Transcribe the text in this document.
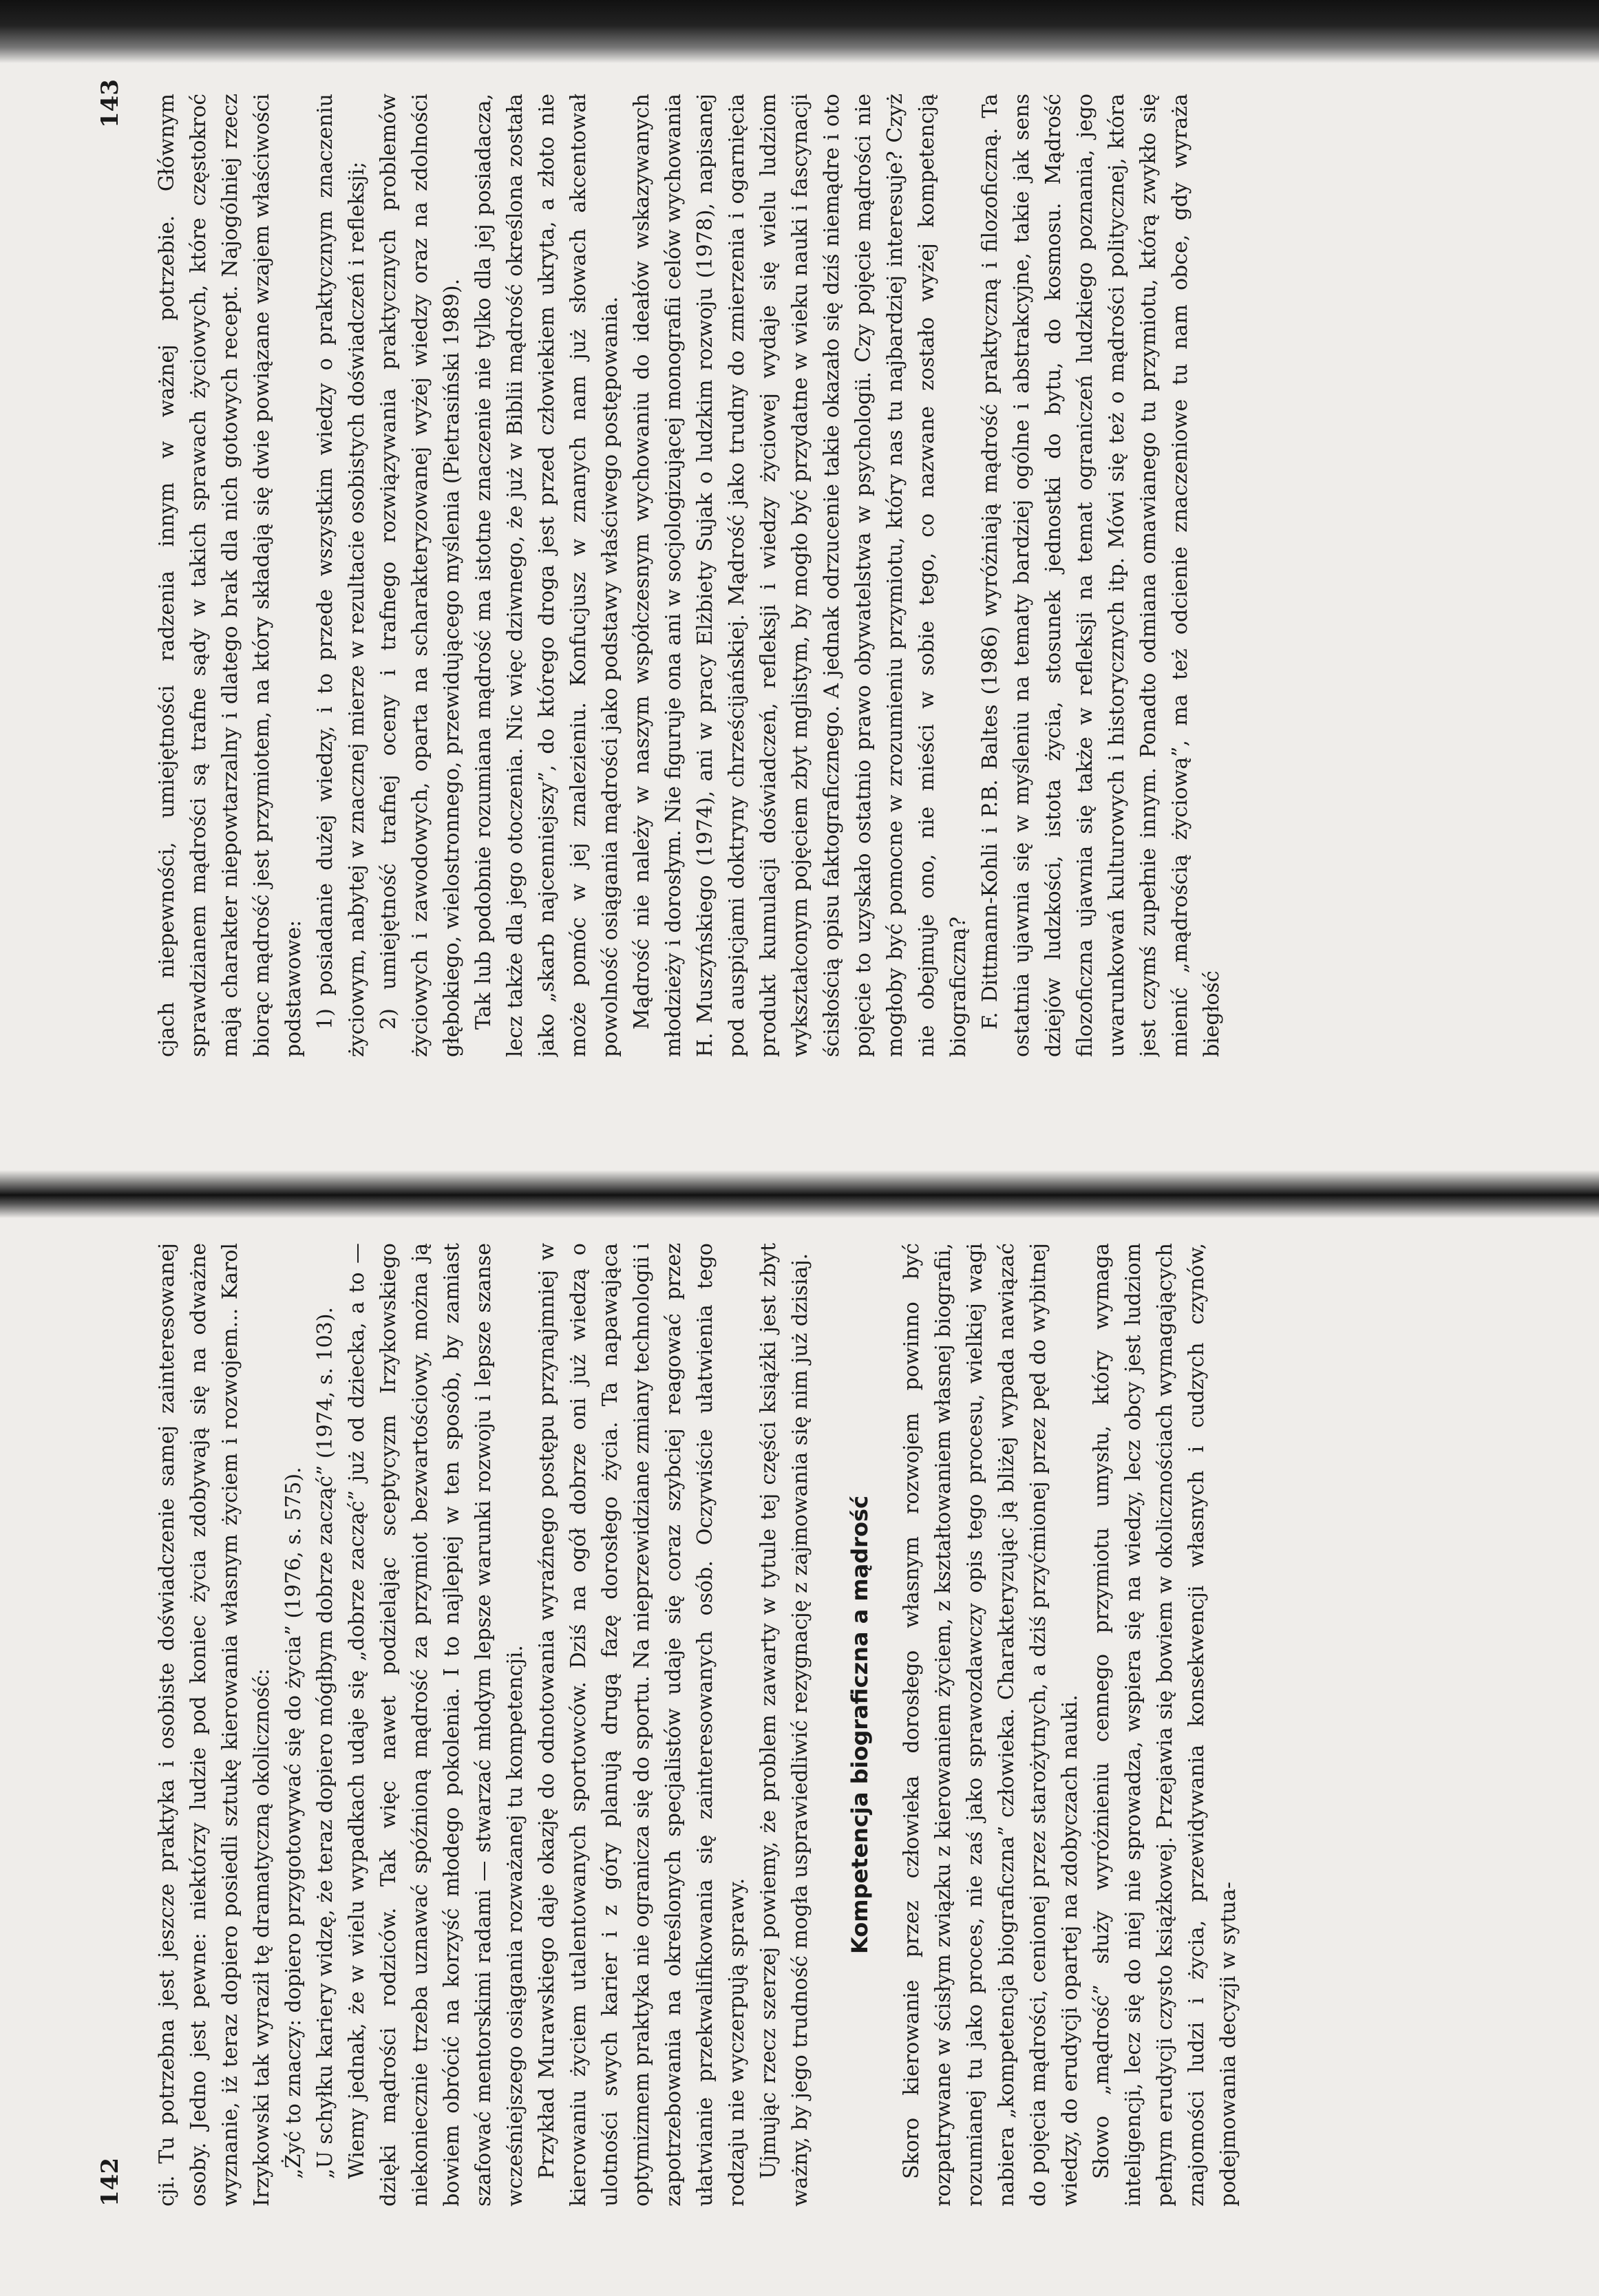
142 cji. Tu potrzebna jest jeszcze praktyka i osobiste doświadczenie samej zainteresowanej osoby. Jedno jest pewne: niektórzy ludzie pod koniec życia zdobywają się na odważne wyznanie, iż teraz dopiero posiedli sztukę kierowania własnym życiem i rozwojem... Karol Irzykowski tak wyraził tę dramatyczną okoliczność: „Żyć to znaczy: dopiero przygotowywać się do życia” (1976, s. 575). „U schyłku kariery widzę, że teraz dopiero mógłbym dobrze zacząć” (1974, s. 103). Wiemy jednak, że w wielu wypadkach udaje się „dobrze zacząć” już od dziecka, a to — dzięki mądrości rodziców. Tak więc nawet podzielając sceptycyzm Irzykowskiego niekoniecznie trzeba uznawać spóźnioną mądrość za przymiot bezwartościowy, można ją bowiem obrócić na korzyść młodego pokolenia. I to najlepiej w ten sposób, by zamiast szafować mentorskimi radami — stwarzać młodym lepsze warunki rozwoju i lepsze szanse wcześniejszego osiągania rozważanej tu kompetencji. Przykład Murawskiego daje okazję do odnotowania wyraźnego postępu przynajmniej w kierowaniu życiem utalentowanych sportowców. Dziś na ogół dobrze oni już wiedzą o ulotności swych karier i z góry planują drugą fazę dorosłego życia. Ta napawająca optymizmem praktyka nie ogranicza się do sportu. Na nieprzewidziane zmiany technologii i zapotrzebowania na określonych specjalistów udaje się coraz szybciej reagować przez ułatwianie przekwalifikowania się zainteresowanych osób. Oczywiście ułatwienia tego rodzaju nie wyczerpują sprawy. Ujmując rzecz szerzej powiemy, że problem zawarty w tytule tej części książki jest zbyt ważny, by jego trudność mogła usprawiedliwić rezygnację z zajmowania się nim już dzisiaj. Kompetencja biograficzna a mądrość Skoro kierowanie przez człowieka dorosłego własnym rozwojem powinno być rozpatrywane w ścisłym związku z kierowaniem życiem, z kształtowaniem własnej biografii, rozumianej tu jako proces, nie zaś jako sprawozdawczy opis tego procesu, wielkiej wagi nabiera „kompetencja biograficzna” człowieka. Charakteryzując ją bliżej wypada nawiązać do pojęcia mądrości, cenionej przez starożytnych, a dziś przyćmionej przez pęd do wybitnej wiedzy, do erudycji opartej na zdobyczach nauki. Słowo „mądrość” służy wyróżnieniu cennego przymiotu umysłu, który wymaga inteligencji, lecz się do niej nie sprowadza, wspiera się na wiedzy, lecz obcy jest ludziom pełnym erudycji czysto książkowej. Przejawia się bowiem w okolicznościach wymagających znajomości ludzi i życia, przewidywania konsekwencji własnych i cudzych czynów, podejmowania decyzji w sytua-

143 cjach niepewności, umiejętności radzenia innym w ważnej potrzebie. Głównym sprawdzianem mądrości są trafne sądy w takich sprawach życiowych, które częstokroć mają charakter niepowtarzalny i dlatego brak dla nich gotowych recept. Najogólniej rzecz biorąc mądrość jest przymiotem, na który składają się dwie powiązane wzajem właściwości podstawowe: 1) posiadanie dużej wiedzy, i to przede wszystkim wiedzy o praktycznym znaczeniu życiowym, nabytej w znacznej mierze w rezultacie osobistych doświadczeń i refleksji; 2) umiejętność trafnej oceny i trafnego rozwiązywania praktycznych problemów życiowych i zawodowych, oparta na scharakteryzowanej wyżej wiedzy oraz na zdolności głębokiego, wielostronnego, przewidującego myślenia (Pietrasiński 1989). Tak lub podobnie rozumiana mądrość ma istotne znaczenie nie tylko dla jej posiadacza, lecz także dla jego otoczenia. Nic więc dziwnego, że już w Biblii mądrość określona została jako „skarb najcenniejszy”, do którego droga jest przed człowiekiem ukryta, a złoto nie może pomóc w jej znalezieniu. Konfucjusz w znanych nam już słowach akcentował powolność osiągania mądrości jako podstawy właściwego postępowania. Mądrość nie należy w naszym współczesnym wychowaniu do ideałów wskazywanych młodzieży i dorosłym. Nie figuruje ona ani w socjologizującej monografii celów wychowania H. Muszyńskiego (1974), ani w pracy Elżbiety Sujak o ludzkim rozwoju (1978), napisanej pod auspicjami doktryny chrześcijańskiej. Mądrość jako trudny do zmierzenia i ogarnięcia produkt kumulacji doświadczeń, refleksji i wiedzy życiowej wydaje się wielu ludziom wykształconym pojęciem zbyt mglistym, by mogło być przydatne w wieku nauki i fascynacji ścisłością opisu faktograficznego. A jednak odrzucenie takie okazało się dziś niemądre i oto pojęcie to uzyskało ostatnio prawo obywatelstwa w psychologii. Czy pojęcie mądrości nie mogłoby być pomocne w zrozumieniu przymiotu, który nas tu najbardziej interesuje? Czyż nie obejmuje ono, nie mieści w sobie tego, co nazwane zostało wyżej kompetencją biograficzną? F. Dittmann-Kohli i P.B. Baltes (1986) wyróżniają mądrość praktyczną i filozoficzną. Ta ostatnia ujawnia się w myśleniu na tematy bardziej ogólne i abstrakcyjne, takie jak sens dziejów ludzkości, istota życia, stosunek jednostki do bytu, do kosmosu. Mądrość filozoficzna ujawnia się także w refleksji na temat ograniczeń ludzkiego poznania, jego uwarunkowań kulturowych i historycznych itp. Mówi się też o mądrości politycznej, która jest czymś zupełnie innym. Ponadto odmiana omawianego tu przymiotu, którą zwykło się mienić „mądrością życiową”, ma też odcienie znaczeniowe tu nam obce, gdy wyraża biegłość
